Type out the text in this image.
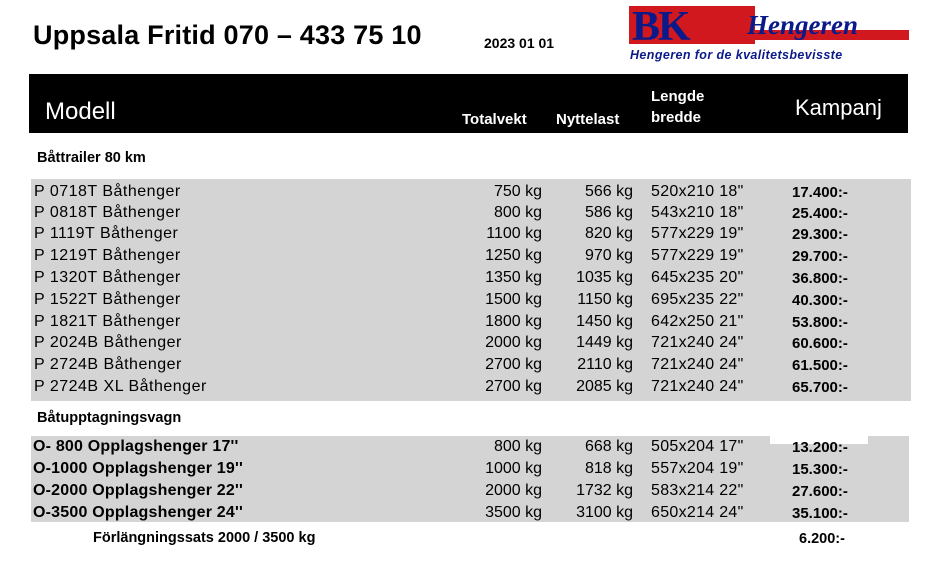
Uppsala Fritid 070 – 433 75 10	2023 01 01 BK Hengeren
Hengeren for de kvalitetsbevisste
Modell	Totalvekt Nyttelast
Lengde
bredde	Kampanj
Båttrailer 80 km
Båtupptagningsvagn
P 0718T Båthenger	750 kg	566 kg 520x210 18"	17.400:-
P 0818T Båthenger	800 kg	586 kg 543x210 18"	25.400:-
P 1119T Båthenger	1100 kg	820 kg 577x229 19"	29.300:-
P 1219T Båthenger	1250 kg	970 kg 577x229 19"	29.700:-
P 1320T Båthenger	1350 kg 1035 kg 645x235 20"	36.800:-
P 1522T Båthenger	1500 kg 1150 kg 695x235 22"	40.300:-
P 1821T Båthenger	1800 kg 1450 kg 642x250 21"	53.800:-
P 2024B Båthenger	2000 kg 1449 kg 721x240 24"	60.600:-
P 2724B Båthenger	2700 kg 2110 kg 721x240 24"	61.500:-
P 2724B XL Båthenger	2700 kg 2085 kg 721x240 24"	65.700:-
O- 800 Opplagshenger 17''	800 kg	668 kg 505x204 17"	13.200:-
O-1000 Opplagshenger 19''	1000 kg	818 kg 557x204 19"	15.300:-
O-2000 Opplagshenger 22''	2000 kg 1732 kg 583x214 22"	27.600:-
O-3500 Opplagshenger 24''	3500 kg 3100 kg 650x214 24"	35.100:-
Förlängningssats 2000 / 3500 kg	6.200:-
